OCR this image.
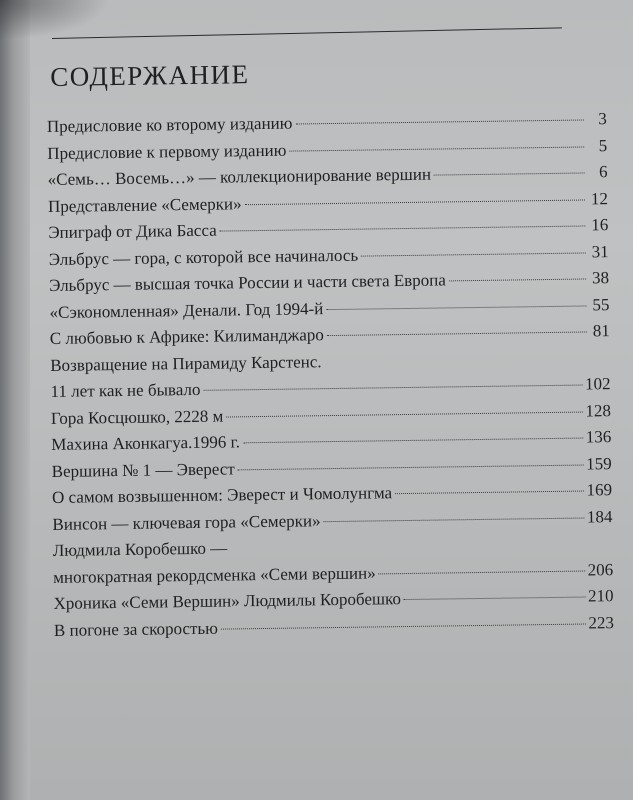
СОДЕРЖАНИЕ
Предисловие ко второму изданию	3
Предисловие к первому изданию	5
«Семь… Восемь…» — коллекционирование вершин	6
Представление «Семерки»	12
Эпиграф от Дика Басса	16
Эльбрус — гора, с которой все начиналось	31
Эльбрус — высшая точка России и части света Европа	38
«Сэкономленная» Денали. Год 1994-й	55
С любовью к Африке: Килиманджаро	81
Возвращение на Пирамиду Карстенс.
11 лет как не бывало	102
Гора Косцюшко, 2228 м	128
Махина Аконкагуа.1996 г.	136
Вершина № 1 — Эверест	159
О самом возвышенном: Эверест и Чомолунгма	169
Винсон — ключевая гора «Семерки»	184
Людмила Коробешко —
многократная рекордсменка «Семи вершин»	206
Хроника «Семи Вершин» Людмилы Коробешко	210
В погоне за скоростью	223
